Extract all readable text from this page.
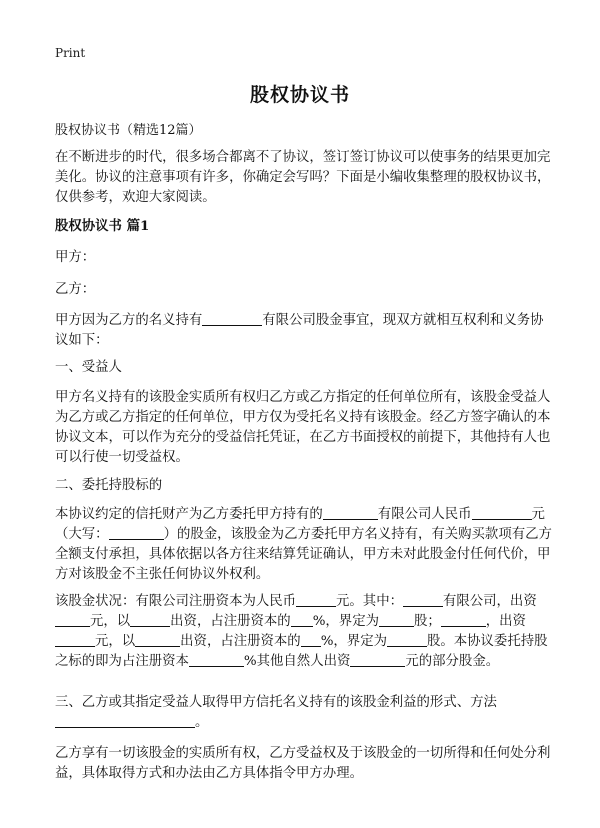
Print
股权协议书

股权协议书（精选12篇）

在不断进步的时代，很多场合都离不了协议，签订签订协议可以使事务的结果更加完美化。协议的注意事项有许多，你确定会写吗？下面是小编收集整理的股权协议书，仅供参考，欢迎大家阅读。

股权协议书 篇1

甲方：

乙方：

甲方因为乙方的名义持有	有限公司股金事宜，现双方就相互权利和义务协议如下：

一、受益人

甲方名义持有的该股金实质所有权归乙方或乙方指定的任何单位所有，该股金受益人为乙方或乙方指定的任何单位，甲方仅为受托名义持有该股金。经乙方签字确认的本协议文本，可以作为充分的受益信托凭证，在乙方书面授权的前提下，其他持有人也可以行使一切受益权。

二、委托持股标的

本协议约定的信托财产为乙方委托甲方持有的	有限公司人民币	元（大写：	）的股金，该股金为乙方委托甲方名义持有，有关购买款项有乙方全额支付承担，具体依据以各方往来结算凭证确认，甲方未对此股金付任何代价，甲方对该股金不主张任何协议外权利。

该股金状况：有限公司注册资本为人民币	元。其中：	有限公司，出资元，以	出资，占注册资本的 %，界定为	股；	，出资元，以	出资，占注册资本的 %，界定为	股。本协议委托持股之标的即为占注册资本	%其他自然人出资	元的部分股金。

三、乙方或其指定受益人取得甲方信托名义持有的该股金利益的形式、方法
。

乙方享有一切该股金的实质所有权，乙方受益权及于该股金的一切所得和任何处分利益，具体取得方式和办法由乙方具体指令甲方办理。
